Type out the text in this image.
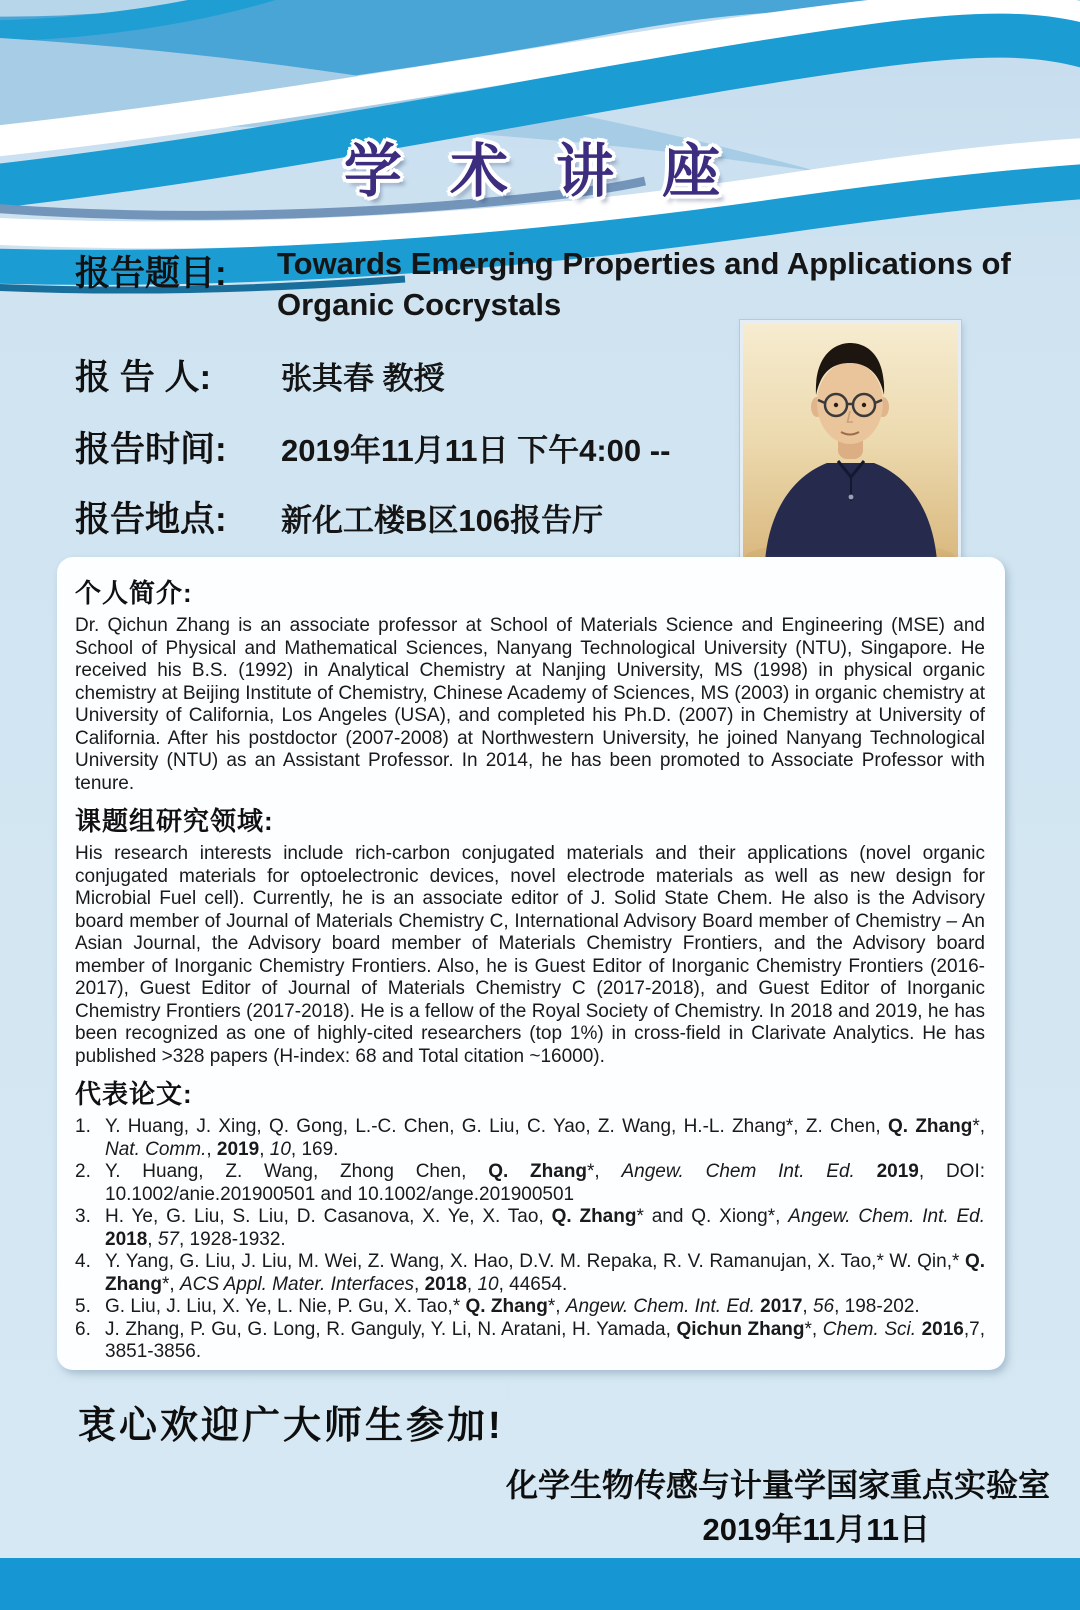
学 术 讲 座
报告题目:	Towards Emerging Properties and Applications of
Organic Cocrystals
报 告 人:	张其春 教授
报告时间:	2019年11月11日 下午4:00 --
报告地点:	新化工楼B区106报告厅
个人简介:

Dr. Qichun Zhang is an associate professor at School of Materials Science and Engineering (MSE) and School of Physical and Mathematical Sciences, Nanyang Technological University (NTU), Singapore. He received his B.S. (1992) in Analytical Chemistry at Nanjing University, MS (1998) in physical organic chemistry at Beijing Institute of Chemistry, Chinese Academy of Sciences, MS (2003) in organic chemistry at University of California, Los Angeles (USA), and completed his Ph.D. (2007) in Chemistry at University of California. After his postdoctor (2007-2008) at Northwestern University, he joined Nanyang Technological University (NTU) as an Assistant Professor. In 2014, he has been promoted to Associate Professor with tenure.

课题组研究领域:

His research interests include rich-carbon conjugated materials and their applications (novel organic conjugated materials for optoelectronic devices, novel electrode materials as well as new design for Microbial Fuel cell). Currently, he is an associate editor of J. Solid State Chem. He also is the Advisory board member of Journal of Materials Chemistry C, International Advisory Board member of Chemistry – An Asian Journal, the Advisory board member of Materials Chemistry Frontiers, and the Advisory board member of Inorganic Chemistry Frontiers. Also, he is Guest Editor of Inorganic Chemistry Frontiers (2016-2017), Guest Editor of Journal of Materials Chemistry C (2017-2018), and Guest Editor of Inorganic Chemistry Frontiers (2017-2018). He is a fellow of the Royal Society of Chemistry. In 2018 and 2019, he has been recognized as one of highly-cited researchers (top 1%) in cross-field in Clarivate Analytics. He has published >328 papers (H-index: 68 and Total citation ~16000).

代表论文:
1. Y. Huang, J. Xing, Q. Gong, L.-C. Chen, G. Liu, C. Yao, Z. Wang, H.-L. Zhang*, Z. Chen, Q. Zhang*, Nat. Comm., 2019, 10, 169.
2. Y. Huang, Z. Wang, Zhong Chen, Q. Zhang*, Angew. Chem Int. Ed. 2019, DOI: 10.1002/anie.201900501 and 10.1002/ange.201900501
3. H. Ye, G. Liu, S. Liu, D. Casanova, X. Ye, X. Tao, Q. Zhang* and Q. Xiong*, Angew. Chem. Int. Ed. 2018, 57, 1928-1932.
4. Y. Yang, G. Liu, J. Liu, M. Wei, Z. Wang, X. Hao, D.V. M. Repaka, R. V. Ramanujan, X. Tao,* W. Qin,* Q. Zhang*, ACS Appl. Mater. Interfaces, 2018, 10, 44654.
5. G. Liu, J. Liu, X. Ye, L. Nie, P. Gu, X. Tao,* Q. Zhang*, Angew. Chem. Int. Ed. 2017, 56, 198-202.
6. J. Zhang, P. Gu, G. Long, R. Ganguly, Y. Li, N. Aratani, H. Yamada, Qichun Zhang*, Chem. Sci. 2016,7, 3851-3856.
衷心欢迎广大师生参加!
化学生物传感与计量学国家重点实验室
2019年11月11日
